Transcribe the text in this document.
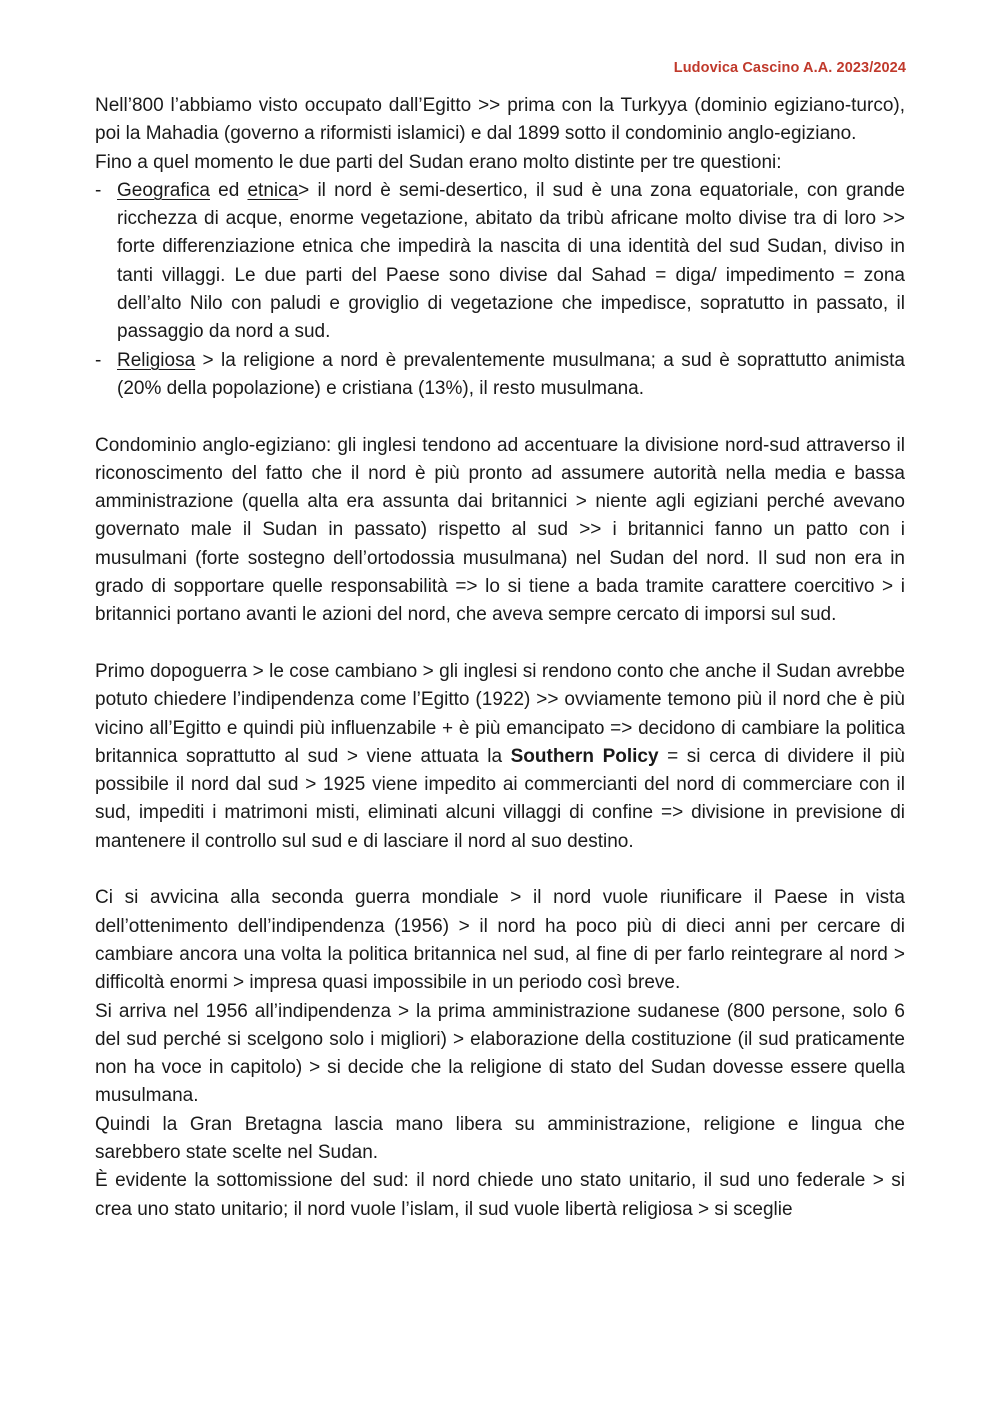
Ludovica Cascino A.A. 2023/2024

Nell’800 l’abbiamo visto occupato dall’Egitto >> prima con la Turkyya (dominio egiziano-turco), poi la Mahadia (governo a riformisti islamici) e dal 1899 sotto il condominio anglo-egiziano.

Fino a quel momento le due parti del Sudan erano molto distinte per tre questioni:

- Geografica ed etnica> il nord è semi-desertico, il sud è una zona equatoriale, con grande ricchezza di acque, enorme vegetazione, abitato da tribù africane molto divise tra di loro >> forte differenziazione etnica che impedirà la nascita di una identità del sud Sudan, diviso in tanti villaggi. Le due parti del Paese sono divise dal Sahad = diga/ impedimento = zona dell’alto Nilo con paludi e groviglio di vegetazione che impedisce, sopratutto in passato, il passaggio da nord a sud.
- Religiosa > la religione a nord è prevalentemente musulmana; a sud è soprattutto animista (20% della popolazione) e cristiana (13%), il resto musulmana.

Condominio anglo-egiziano: gli inglesi tendono ad accentuare la divisione nord-sud attraverso il riconoscimento del fatto che il nord è più pronto ad assumere autorità nella media e bassa amministrazione (quella alta era assunta dai britannici > niente agli egiziani perché avevano governato male il Sudan in passato) rispetto al sud >> i britannici fanno un patto con i musulmani (forte sostegno dell’ortodossia musulmana) nel Sudan del nord. Il sud non era in grado di sopportare quelle responsabilità => lo si tiene a bada tramite carattere coercitivo > i britannici portano avanti le azioni del nord, che aveva sempre cercato di imporsi sul sud.

Primo dopoguerra > le cose cambiano > gli inglesi si rendono conto che anche il Sudan avrebbe potuto chiedere l’indipendenza come l’Egitto (1922) >> ovviamente temono più il nord che è più vicino all’Egitto e quindi più influenzabile + è più emancipato => decidono di cambiare la politica britannica soprattutto al sud > viene attuata la Southern Policy = si cerca di dividere il più possibile il nord dal sud > 1925 viene impedito ai commercianti del nord di commerciare con il sud, impediti i matrimoni misti, eliminati alcuni villaggi di confine => divisione in previsione di mantenere il controllo sul sud e di lasciare il nord al suo destino.

Ci si avvicina alla seconda guerra mondiale > il nord vuole riunificare il Paese in vista dell’ottenimento dell’indipendenza (1956) > il nord ha poco più di dieci anni per cercare di cambiare ancora una volta la politica britannica nel sud, al fine di per farlo reintegrare al nord > difficoltà enormi > impresa quasi impossibile in un periodo così breve.

Si arriva nel 1956 all’indipendenza > la prima amministrazione sudanese (800 persone, solo 6 del sud perché si scelgono solo i migliori) > elaborazione della costituzione (il sud praticamente non ha voce in capitolo) > si decide che la religione di stato del Sudan dovesse essere quella musulmana.

Quindi la Gran Bretagna lascia mano libera su amministrazione, religione e lingua che sarebbero state scelte nel Sudan.

È evidente la sottomissione del sud: il nord chiede uno stato unitario, il sud uno federale > si crea uno stato unitario; il nord vuole l’islam, il sud vuole libertà religiosa > si sceglie
